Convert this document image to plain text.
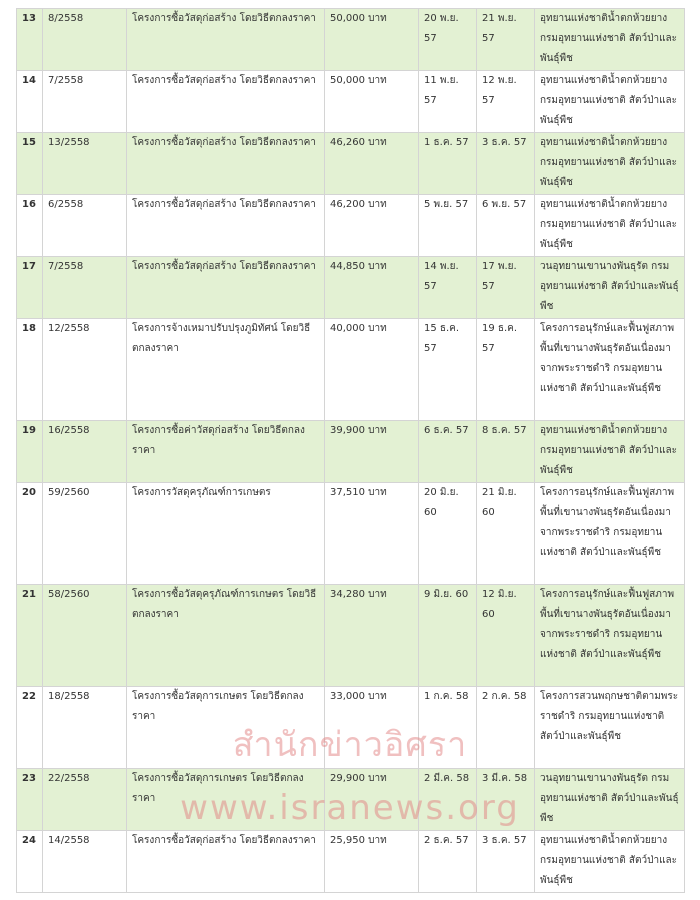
13	8/2558	โครงการซื้อวัสดุก่อสร้าง โดยวิธีตกลงราคา	50,000 บาท	20 พ.ย. 57	21 พ.ย. 57	อุทยานแห่งชาติน้ำตกห้วยยาง กรมอุทยานแห่งชาติ สัตว์ป่าและพันธุ์พืช
14	7/2558	โครงการซื้อวัสดุก่อสร้าง โดยวิธีตกลงราคา	50,000 บาท	11 พ.ย. 57	12 พ.ย. 57	อุทยานแห่งชาติน้ำตกห้วยยาง กรมอุทยานแห่งชาติ สัตว์ป่าและพันธุ์พืช
15	13/2558	โครงการซื้อวัสดุก่อสร้าง โดยวิธีตกลงราคา	46,260 บาท	1 ธ.ค. 57	3 ธ.ค. 57	อุทยานแห่งชาติน้ำตกห้วยยาง กรมอุทยานแห่งชาติ สัตว์ป่าและพันธุ์พืช
16	6/2558	โครงการซื้อวัสดุก่อสร้าง โดยวิธีตกลงราคา	46,200 บาท	5 พ.ย. 57	6 พ.ย. 57	อุทยานแห่งชาติน้ำตกห้วยยาง กรมอุทยานแห่งชาติ สัตว์ป่าและพันธุ์พืช
17	7/2558	โครงการซื้อวัสดุก่อสร้าง โดยวิธีตกลงราคา	44,850 บาท	14 พ.ย. 57	17 พ.ย. 57	วนอุทยานเขานางพันธุรัต กรมอุทยานแห่งชาติ สัตว์ป่าและพันธุ์พืช
18	12/2558	โครงการจ้างเหมาปรับปรุงภูมิทัศน์ โดยวิธีตกลงราคา	40,000 บาท	15 ธ.ค. 57	19 ธ.ค. 57	โครงการอนุรักษ์และฟื้นฟูสภาพพื้นที่เขานางพันธุรัตอันเนื่องมาจากพระราชดำริ กรมอุทยานแห่งชาติ สัตว์ป่าและพันธุ์พืช
19	16/2558	โครงการซื้อค่าวัสดุก่อสร้าง โดยวิธีตกลงราคา	39,900 บาท	6 ธ.ค. 57	8 ธ.ค. 57	อุทยานแห่งชาติน้ำตกห้วยยาง กรมอุทยานแห่งชาติ สัตว์ป่าและพันธุ์พืช
20	59/2560	โครงการวัสดุครุภัณฑ์การเกษตร	37,510 บาท	20 มิ.ย. 60	21 มิ.ย. 60	โครงการอนุรักษ์และฟื้นฟูสภาพพื้นที่เขานางพันธุรัตอันเนื่องมาจากพระราชดำริ กรมอุทยานแห่งชาติ สัตว์ป่าและพันธุ์พืช
21	58/2560	โครงการซื้อวัสดุครุภัณฑ์การเกษตร โดยวิธีตกลงราคา	34,280 บาท	9 มิ.ย. 60	12 มิ.ย. 60	โครงการอนุรักษ์และฟื้นฟูสภาพพื้นที่เขานางพันธุรัตอันเนื่องมาจากพระราชดำริ กรมอุทยานแห่งชาติ สัตว์ป่าและพันธุ์พืช
22	18/2558	โครงการซื้อวัสดุการเกษตร โดยวิธีตกลงราคา	33,000 บาท	1 ก.ค. 58	2 ก.ค. 58	โครงการสวนพฤกษชาติตามพระราชดำริ กรมอุทยานแห่งชาติ สัตว์ป่าและพันธุ์พืช
23	22/2558	โครงการซื้อวัสดุการเกษตร โดยวิธีตกลงราคา	29,900 บาท	2 มี.ค. 58	3 มี.ค. 58	วนอุทยานเขานางพันธุรัต กรมอุทยานแห่งชาติ สัตว์ป่าและพันธุ์พืช
24	14/2558	โครงการซื้อวัสดุก่อสร้าง โดยวิธีตกลงราคา	25,950 บาท	2 ธ.ค. 57	3 ธ.ค. 57	อุทยานแห่งชาติน้ำตกห้วยยาง กรมอุทยานแห่งชาติ สัตว์ป่าและพันธุ์พืช
สำนักข่าวอิศรา
www.isranews.org
